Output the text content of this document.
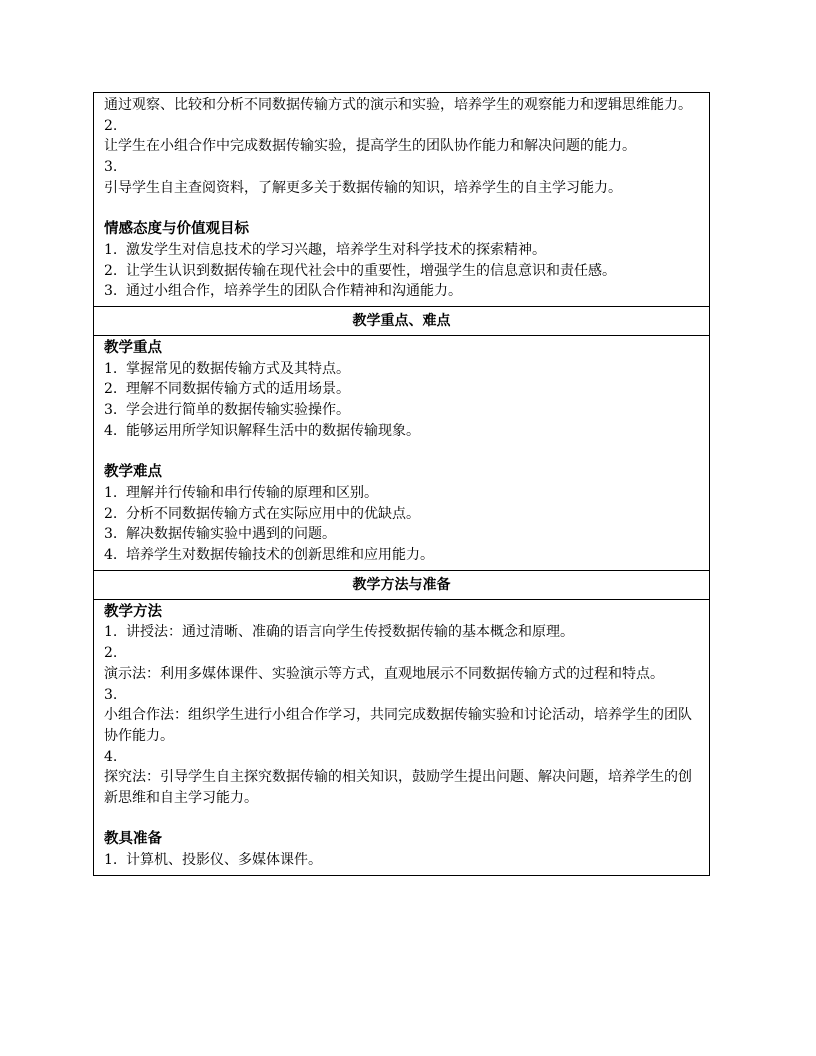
通过观察、比较和分析不同数据传输方式的演示和实验，培养学生的观察能力和逻辑思维能力。
2.
让学生在小组合作中完成数据传输实验，提高学生的团队协作能力和解决问题的能力。
3.
引导学生自主查阅资料，了解更多关于数据传输的知识，培养学生的自主学习能力。
情感态度与价值观目标
1. 激发学生对信息技术的学习兴趣，培养学生对科学技术的探索精神。
2. 让学生认识到数据传输在现代社会中的重要性，增强学生的信息意识和责任感。
3. 通过小组合作，培养学生的团队合作精神和沟通能力。
教学重点、难点
教学重点
1. 掌握常见的数据传输方式及其特点。
2. 理解不同数据传输方式的适用场景。
3. 学会进行简单的数据传输实验操作。
4. 能够运用所学知识解释生活中的数据传输现象。
教学难点
1. 理解并行传输和串行传输的原理和区别。
2. 分析不同数据传输方式在实际应用中的优缺点。
3. 解决数据传输实验中遇到的问题。
4. 培养学生对数据传输技术的创新思维和应用能力。
教学方法与准备
教学方法
1. 讲授法：通过清晰、准确的语言向学生传授数据传输的基本概念和原理。
2.
演示法：利用多媒体课件、实验演示等方式，直观地展示不同数据传输方式的过程和特点。
3.
小组合作法：组织学生进行小组合作学习，共同完成数据传输实验和讨论活动，培养学生的团队协作能力。
4.
探究法：引导学生自主探究数据传输的相关知识，鼓励学生提出问题、解决问题，培养学生的创新思维和自主学习能力。
教具准备
1. 计算机、投影仪、多媒体课件。
